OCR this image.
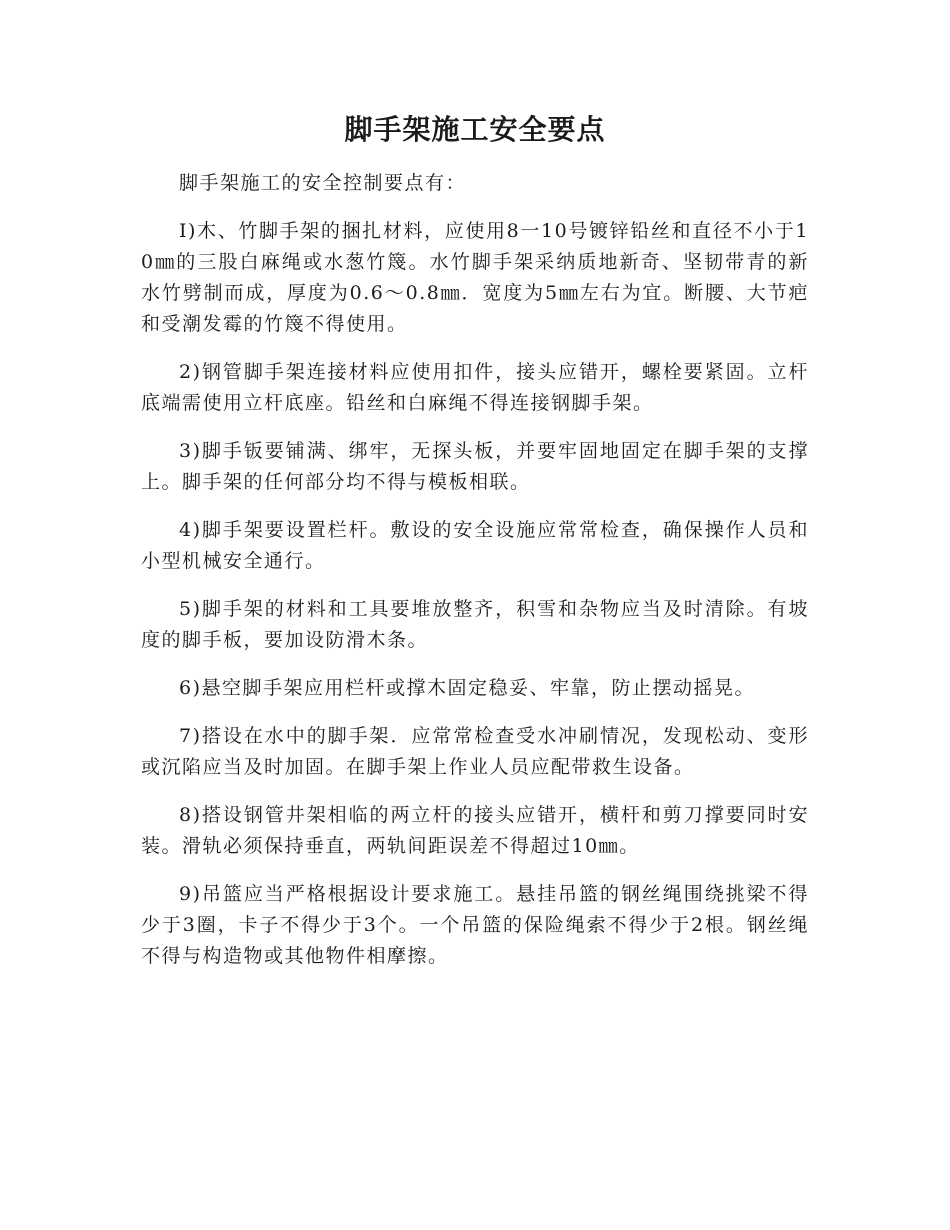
脚手架施工安全要点

脚手架施工的安全控制要点有：

I)木、竹脚手架的捆扎材料，应使用8一10号镀锌铅丝和直径不小于10㎜的三股白麻绳或水葱竹篾。水竹脚手架采纳质地新奇、坚韧带青的新水竹劈制而成，厚度为0.6～0.8㎜．宽度为5㎜左右为宜。断腰、大节疤和受潮发霉的竹篾不得使用。

2)钢管脚手架连接材料应使用扣件，接头应错开，螺栓要紧固。立杆底端需使用立杆底座。铅丝和白麻绳不得连接钢脚手架。

3)脚手钣要铺满、绑牢，无探头板，并要牢固地固定在脚手架的支撑上。脚手架的任何部分均不得与模板相联。

4)脚手架要设置栏杆。敷设的安全设施应常常检查，确保操作人员和小型机械安全通行。

5)脚手架的材料和工具要堆放整齐，积雪和杂物应当及时清除。有坡度的脚手板，要加设防滑木条。

6)悬空脚手架应用栏杆或撑木固定稳妥、牢靠，防止摆动摇晃。

7)搭设在水中的脚手架．应常常检查受水冲刷情况，发现松动、变形或沉陷应当及时加固。在脚手架上作业人员应配带救生设备。

8)搭设钢管井架相临的两立杆的接头应错开，横杆和剪刀撑要同时安装。滑轨必须保持垂直，两轨间距误差不得超过10㎜。

9)吊篮应当严格根据设计要求施工。悬挂吊篮的钢丝绳围绕挑梁不得少于3圈，卡子不得少于3个。一个吊篮的保险绳索不得少于2根。钢丝绳不得与构造物或其他物件相摩擦。
